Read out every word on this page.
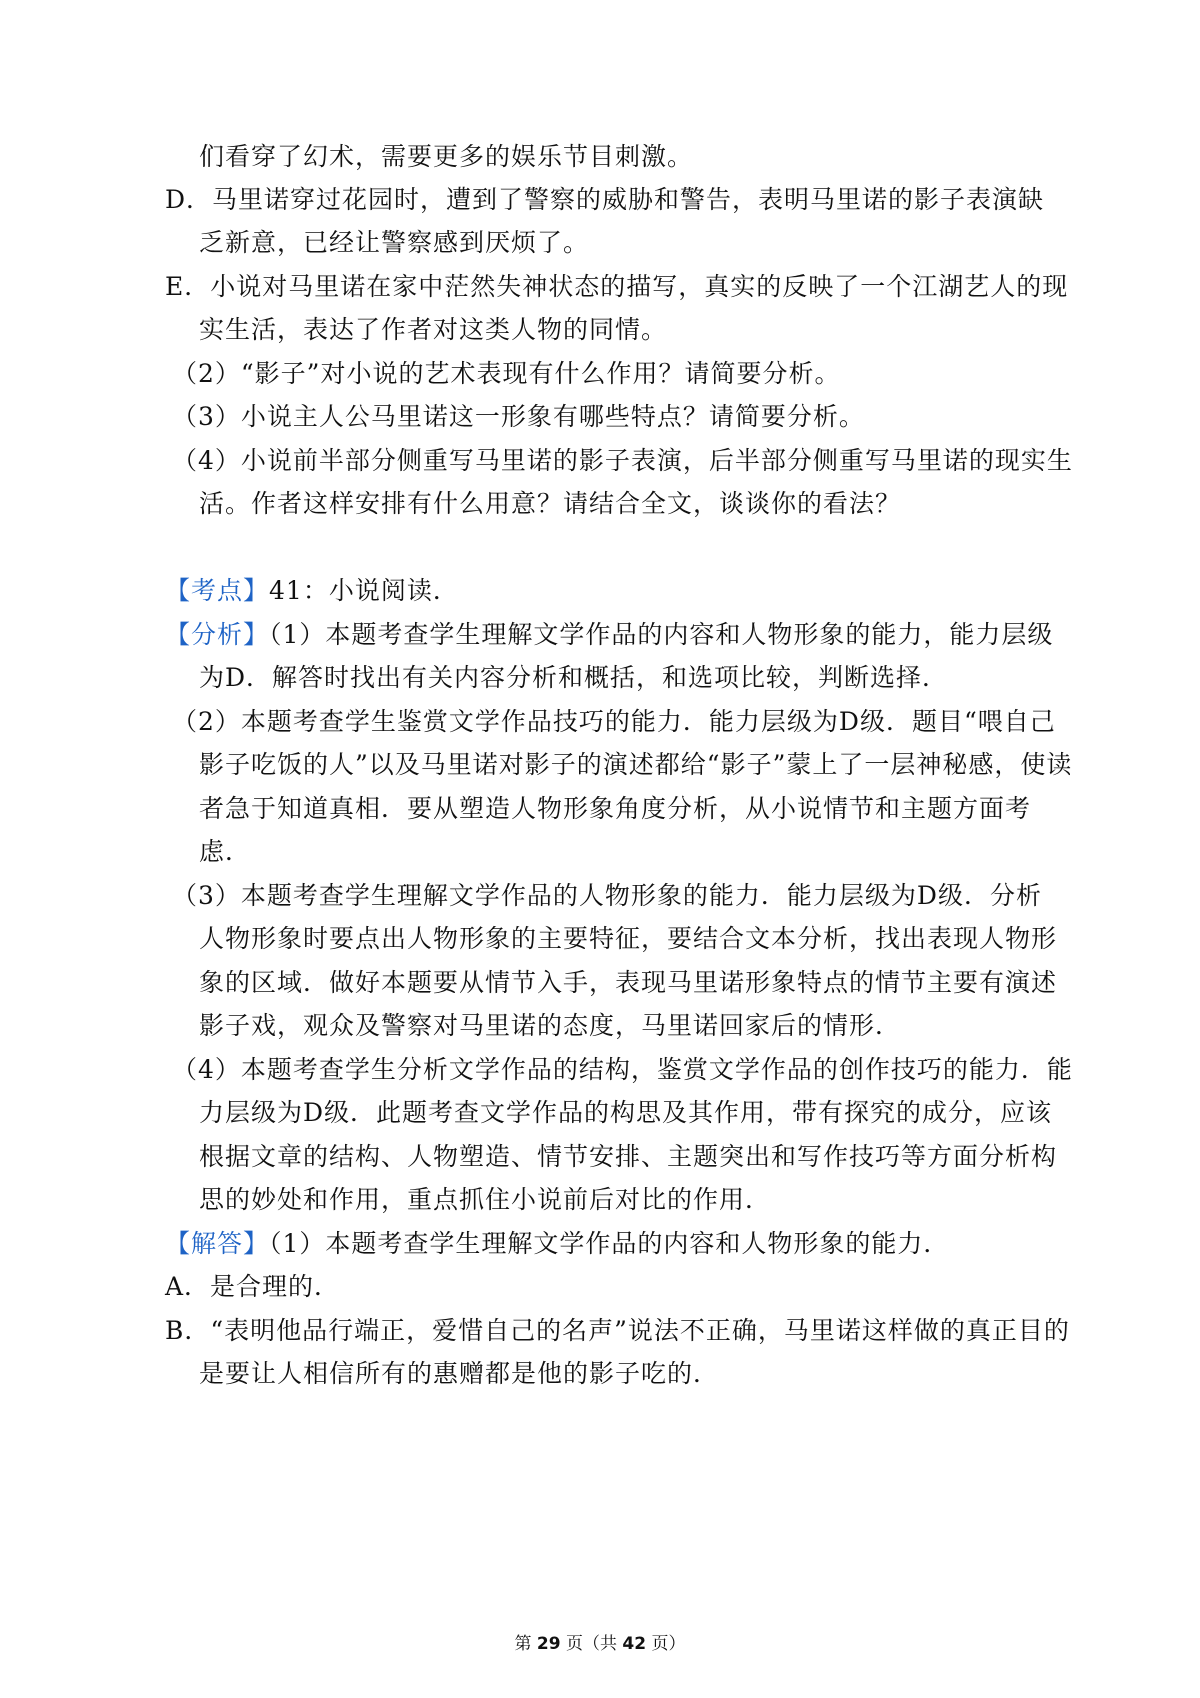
们看穿了幻术，需要更多的娱乐节目刺激。
D．马里诺穿过花园时，遭到了警察的威胁和警告，表明马里诺的影子表演缺
乏新意，已经让警察感到厌烦了。
E．小说对马里诺在家中茫然失神状态的描写，真实的反映了一个江湖艺人的现
实生活，表达了作者对这类人物的同情。
（2）“影子”对小说的艺术表现有什么作用？请简要分析。
（3）小说主人公马里诺这一形象有哪些特点？请简要分析。
（4）小说前半部分侧重写马里诺的影子表演，后半部分侧重写马里诺的现实生
活。作者这样安排有什么用意？请结合全文，谈谈你的看法？
【考点】41：小说阅读．
【分析】（1）本题考查学生理解文学作品的内容和人物形象的能力，能力层级
为D．解答时找出有关内容分析和概括，和选项比较，判断选择．
（2）本题考查学生鉴赏文学作品技巧的能力．能力层级为D级．题目“喂自己
影子吃饭的人”以及马里诺对影子的演述都给“影子”蒙上了一层神秘感，使读
者急于知道真相．要从塑造人物形象角度分析，从小说情节和主题方面考
虑．
（3）本题考查学生理解文学作品的人物形象的能力．能力层级为D级．分析
人物形象时要点出人物形象的主要特征，要结合文本分析，找出表现人物形
象的区域．做好本题要从情节入手，表现马里诺形象特点的情节主要有演述
影子戏，观众及警察对马里诺的态度，马里诺回家后的情形．
（4）本题考查学生分析文学作品的结构，鉴赏文学作品的创作技巧的能力．能
力层级为D级．此题考查文学作品的构思及其作用，带有探究的成分，应该
根据文章的结构、人物塑造、情节安排、主题突出和写作技巧等方面分析构
思的妙处和作用，重点抓住小说前后对比的作用．
【解答】（1）本题考查学生理解文学作品的内容和人物形象的能力．
A．是合理的．
B．“表明他品行端正，爱惜自己的名声”说法不正确，马里诺这样做的真正目的
是要让人相信所有的惠赠都是他的影子吃的．
第 29 页（共 42 页）
